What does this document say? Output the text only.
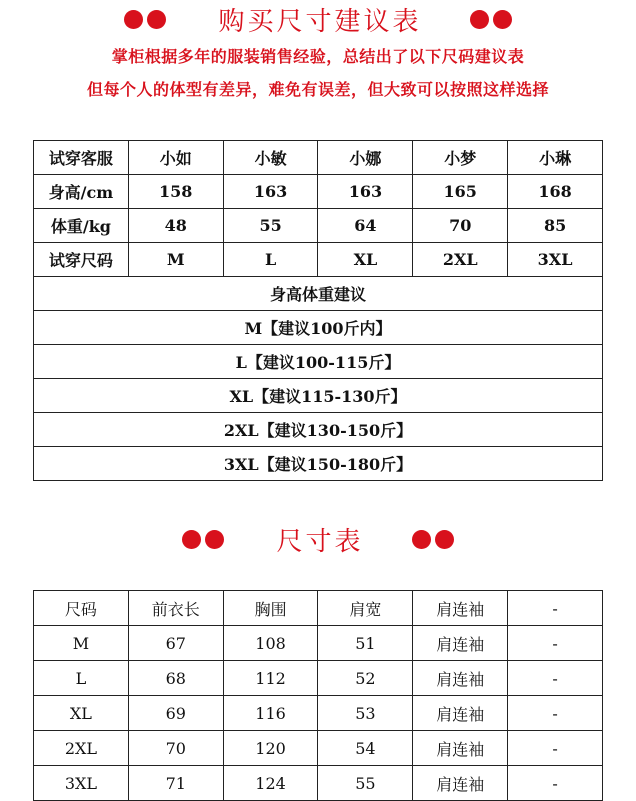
购买尺寸建议表
掌柜根据多年的服装销售经验，总结出了以下尺码建议表
但每个人的体型有差异，难免有误差，但大致可以按照这样选择
试穿客服	小如	小敏	小娜	小梦	小琳
身高/cm	158	163	163	165	168
体重/kg	48	55	64	70	85
试穿尺码	M	L	XL	2XL	3XL
身高体重建议					
M【建议100斤内】					
L【建议100-115斤】					
XL【建议115-130斤】					
2XL【建议130-150斤】					
3XL【建议150-180斤】					
尺寸表
尺码	前衣长	胸围	肩宽	肩连袖	-
M	67	108	51	肩连袖	-
L	68	112	52	肩连袖	-
XL	69	116	53	肩连袖	-
2XL	70	120	54	肩连袖	-
3XL	71	124	55	肩连袖	-
